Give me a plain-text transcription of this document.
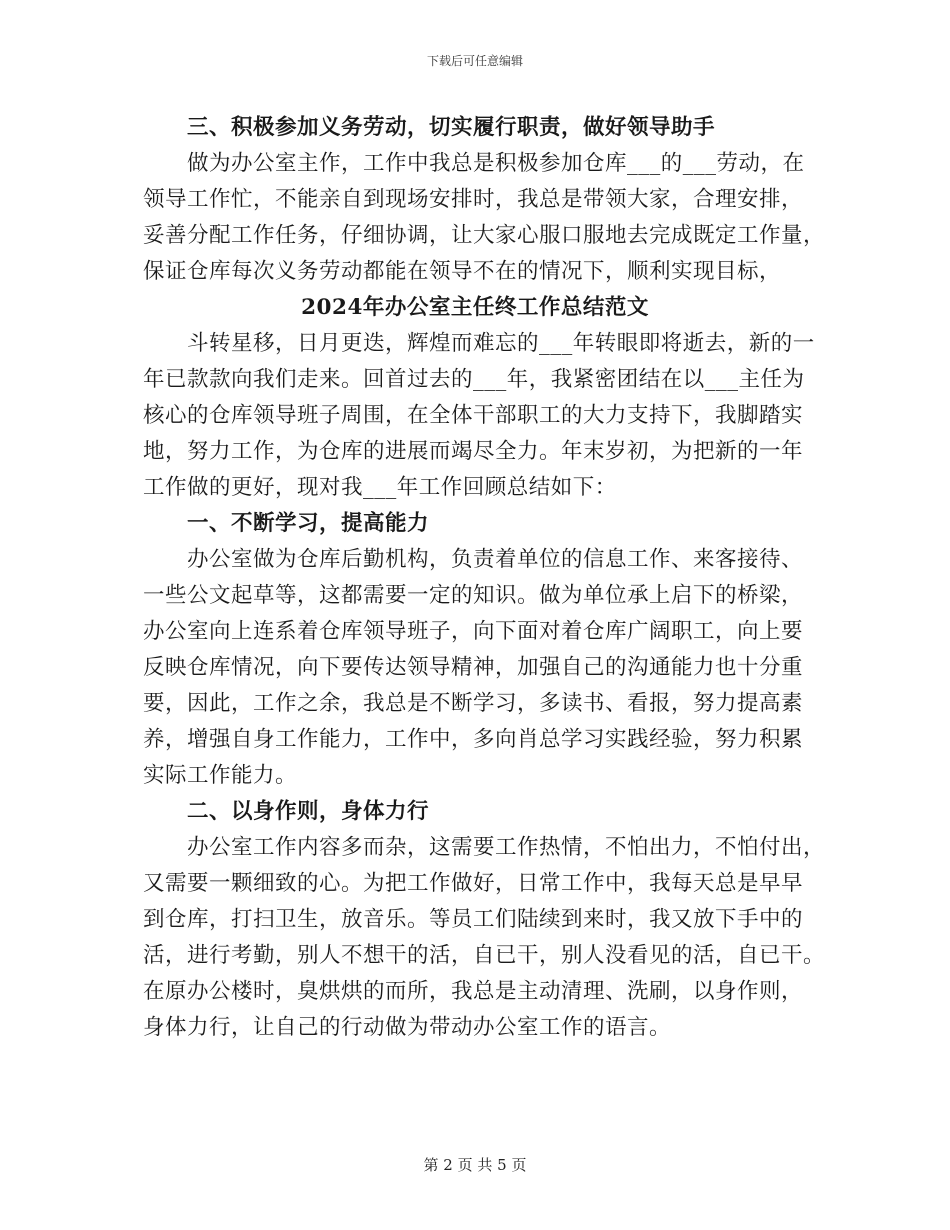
下载后可任意编辑
三、积极参加义务劳动，切实履行职责，做好领导助手
做为办公室主作，工作中我总是积极参加仓库___的___劳动，在
领导工作忙，不能亲自到现场安排时，我总是带领大家，合理安排，
妥善分配工作任务，仔细协调，让大家心服口服地去完成既定工作量，
保证仓库每次义务劳动都能在领导不在的情况下，顺利实现目标，
2024年办公室主任终工作总结范文
斗转星移，日月更迭，辉煌而难忘的___年转眼即将逝去，新的一
年已款款向我们走来。回首过去的___年，我紧密团结在以___主任为
核心的仓库领导班子周围，在全体干部职工的大力支持下，我脚踏实
地，努力工作，为仓库的进展而竭尽全力。年末岁初，为把新的一年
工作做的更好，现对我___年工作回顾总结如下：
一、不断学习，提高能力
办公室做为仓库后勤机构，负责着单位的信息工作、来客接待、
一些公文起草等，这都需要一定的知识。做为单位承上启下的桥梁，
办公室向上连系着仓库领导班子，向下面对着仓库广阔职工，向上要
反映仓库情况，向下要传达领导精神，加强自己的沟通能力也十分重
要，因此，工作之余，我总是不断学习，多读书、看报，努力提高素
养，增强自身工作能力，工作中，多向肖总学习实践经验，努力积累
实际工作能力。
二、以身作则，身体力行
办公室工作内容多而杂，这需要工作热情，不怕出力，不怕付出，
又需要一颗细致的心。为把工作做好，日常工作中，我每天总是早早
到仓库，打扫卫生，放音乐。等员工们陆续到来时，我又放下手中的
活，进行考勤，别人不想干的活，自已干，别人没看见的活，自已干。
在原办公楼时，臭烘烘的而所，我总是主动清理、洗刷，以身作则，
身体力行，让自己的行动做为带动办公室工作的语言。
第 2 页 共 5 页
